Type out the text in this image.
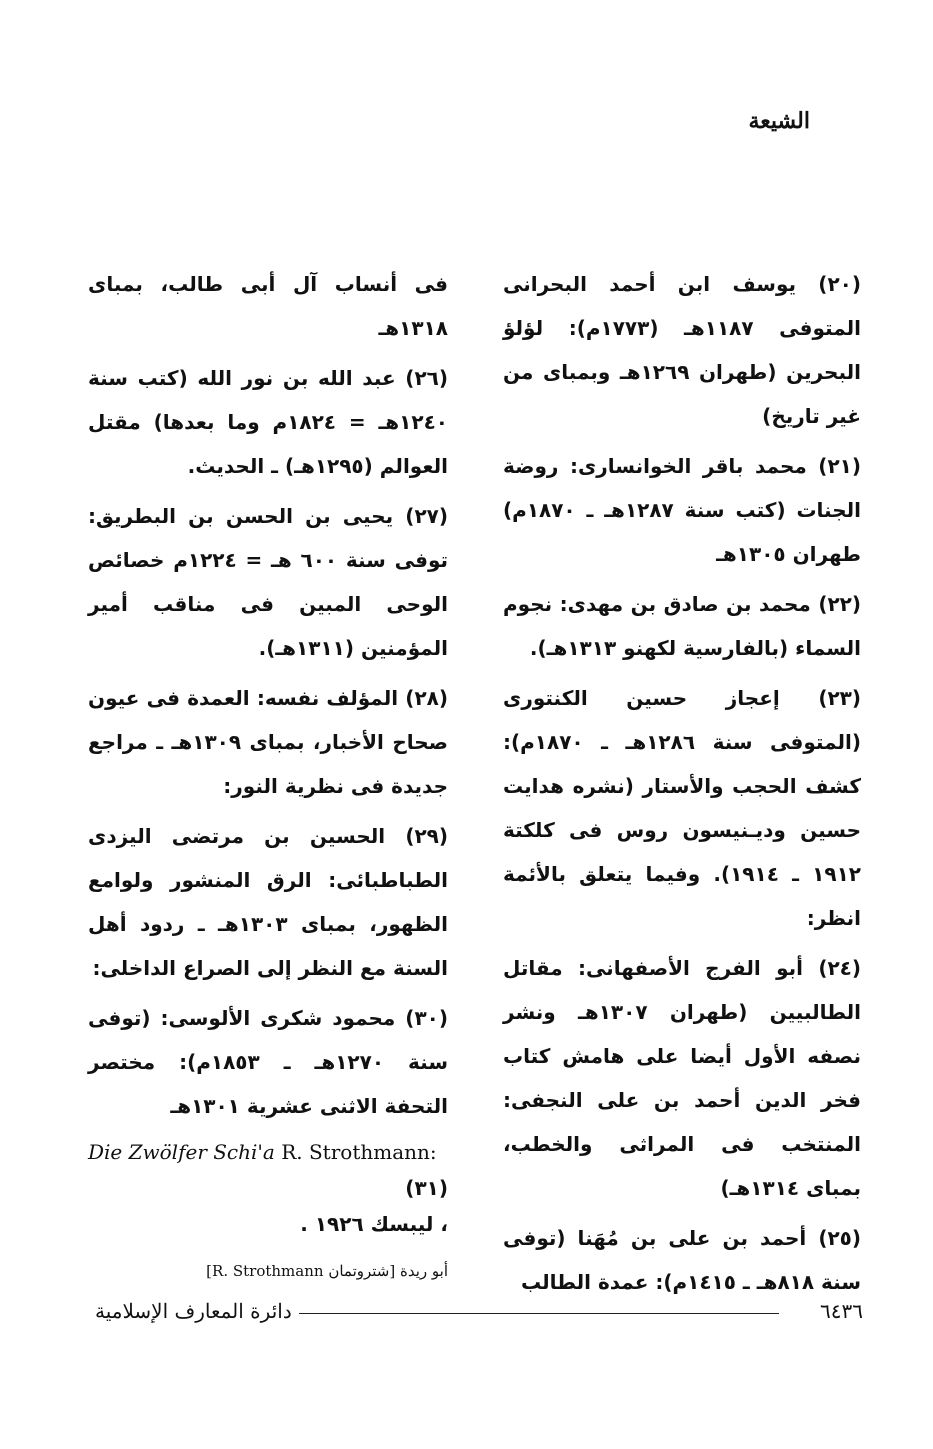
الشيعة

(٢٠) يوسف ابن أحمد البحرانى المتوفى ١١٨٧هـ (١٧٧٣م): لؤلؤ البحرين (طهران ١٢٦٩هـ وبمباى من غير تاريخ)

(٢١) محمد باقر الخوانسارى: روضة الجنات (كتب سنة ١٢٨٧هـ ـ ١٨٧٠م) طهران ١٣٠٥هـ

(٢٢) محمد بن صادق بن مهدى: نجوم السماء (بالفارسية لكهنو ١٣١٣هـ).

(٢٣) إعجاز حسين الكنتورى (المتوفى سنة ١٢٨٦هـ ـ ١٨٧٠م): كشف الحجب والأستار (نشره هدايت حسين وديـنيسون روس فى كلكتة ١٩١٢ ـ ١٩١٤). وفيما يتعلق بالأئمة انظر:

(٢٤) أبو الفرج الأصفهانى: مقاتل الطالبيين (طهران ١٣٠٧هـ ونشر نصفه الأول أيضا على هامش كتاب فخر الدين أحمد بن على النجفى: المنتخب فى المراثى والخطب، بمباى ١٣١٤هـ)

(٢٥) أحمد بن على بن مُهَنا (توفى سنة ٨١٨هـ ـ ١٤١٥م): عمدة الطالب

فى أنساب آل أبى طالب، بمباى ١٣١٨هـ

(٢٦) عبد الله بن نور الله (كتب سنة ١٢٤٠هـ = ١٨٢٤م وما بعدها) مقتل العوالم (١٢٩٥هـ) ـ الحديث.

(٢٧) يحيى بن الحسن بن البطريق: توفى سنة ٦٠٠ هـ = ١٢٢٤م خصائص الوحى المبين فى مناقب أمير المؤمنين (١٣١١هـ).

(٢٨) المؤلف نفسه: العمدة فى عيون صحاح الأخبار، بمباى ١٣٠٩هـ ـ مراجع جديدة فى نظرية النور:

(٢٩) الحسين بن مرتضى اليزدى الطباطبائى: الرق المنشور ولوامع الظهور، بمباى ١٣٠٣هـ ـ ردود أهل السنة مع النظر إلى الصراع الداخلى:

(٣٠) محمود شكرى الألوسى: (توفى سنة ١٢٧٠هـ ـ ١٨٥٣م): مختصر التحفة الاثنى عشرية ١٣٠١هـ

Die Zwölfer Schi'a R. Strothmann: (٣١)
، ليبسك ١٩٢٦ .

أبو ريدة [شتروتمان R. Strothmann]
دائرة المعارف الإسلامية	٦٤٣٦
